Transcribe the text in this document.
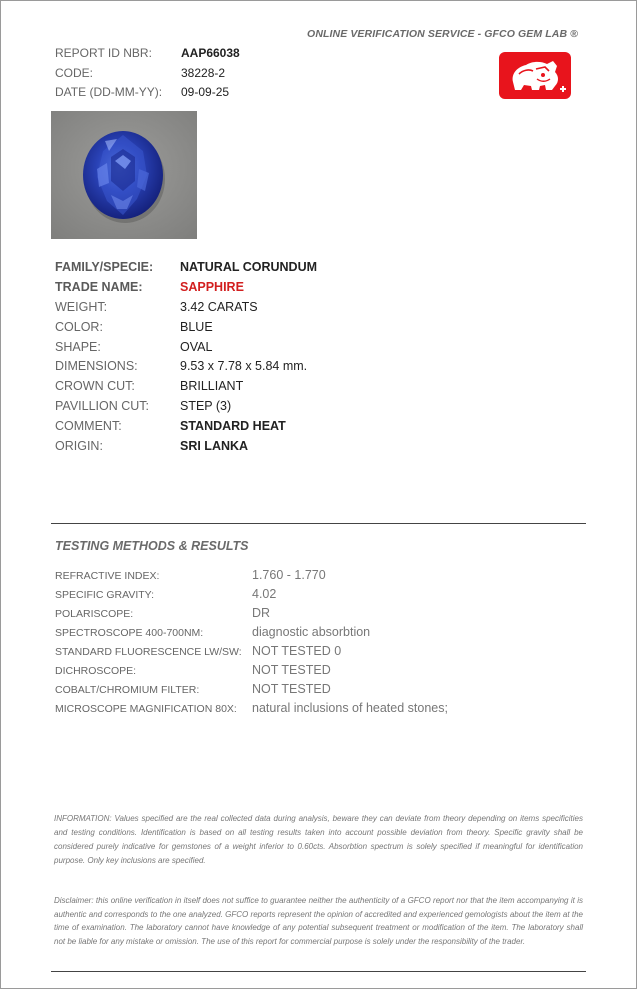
ONLINE VERIFICATION SERVICE - GFCO GEM LAB ®
REPORT ID NBR: AAP66038
CODE:	38228-2
DATE (DD-MM-YY): 09-09-25
FAMILY/SPECIE: NATURAL CORUNDUM
TRADE NAME:	SAPPHIRE
WEIGHT:	3.42 CARATS
COLOR:	BLUE
SHAPE:	OVAL
DIMENSIONS:	9.53 x 7.78 x 5.84 mm.
CROWN CUT:	BRILLIANT
PAVILLION CUT: STEP (3)
COMMENT:	STANDARD HEAT
ORIGIN:	SRI LANKA
TESTING METHODS & RESULTS
REFRACTIVE INDEX:	1.760 - 1.770
SPECIFIC GRAVITY:	4.02
POLARISCOPE:	DR
SPECTROSCOPE 400-700NM:	diagnostic absorbtion
STANDARD FLUORESCENCE LW/SW: NOT TESTED 0
DICHROSCOPE:	NOT TESTED
COBALT/CHROMIUM FILTER:	NOT TESTED
MICROSCOPE MAGNIFICATION 80X: natural inclusions of heated stones;
INFORMATION: Values specified are the real collected data during analysis, beware they can deviate from theory depending on items specificities and testing conditions. Identification is based on all testing results taken into account possible deviation from theory. Specific gravity shall be considered purely indicative for gemstones of a weight inferior to 0.60cts. Absorbtion spectrum is solely specified if meaningful for identification purpose. Only key inclusions are specified.
Disclaimer: this online verification in itself does not suffice to guarantee neither the authenticity of a GFCO report nor that the item accompanying it is authentic and corresponds to the one analyzed. GFCO reports represent the opinion of accredited and experienced gemologists about the item at the time of examination. The laboratory cannot have knowledge of any potential subsequent treatment or modification of the item. The laboratory shall not be liable for any mistake or omission. The use of this report for commercial purpose is solely under the responsibility of the trader.
